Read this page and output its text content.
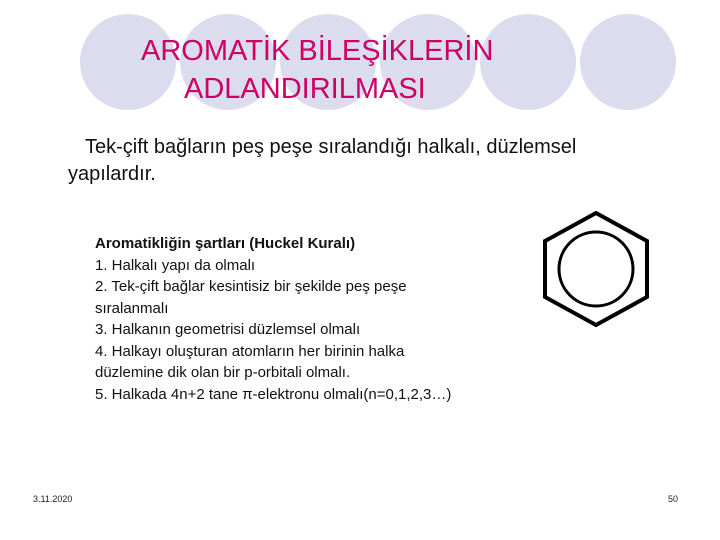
AROMATİK BİLEŞİKLERİN
ADLANDIRILMASI
Tek-çift bağların peş peşe sıralandığı halkalı, düzlemsel
yapılardır.
Aromatikliğin şartları (Huckel Kuralı)
1. Halkalı yapı da olmalı
2. Tek-çift bağlar kesintisiz bir şekilde peş peşe
sıralanmalı
3. Halkanın geometrisi düzlemsel olmalı
4. Halkayı oluşturan atomların her birinin halka
düzlemine dik olan bir p-orbitali olmalı.
5. Halkada 4n+2 tane π-elektronu olmalı(n=0,1,2,3…)
3.11.2020	50
